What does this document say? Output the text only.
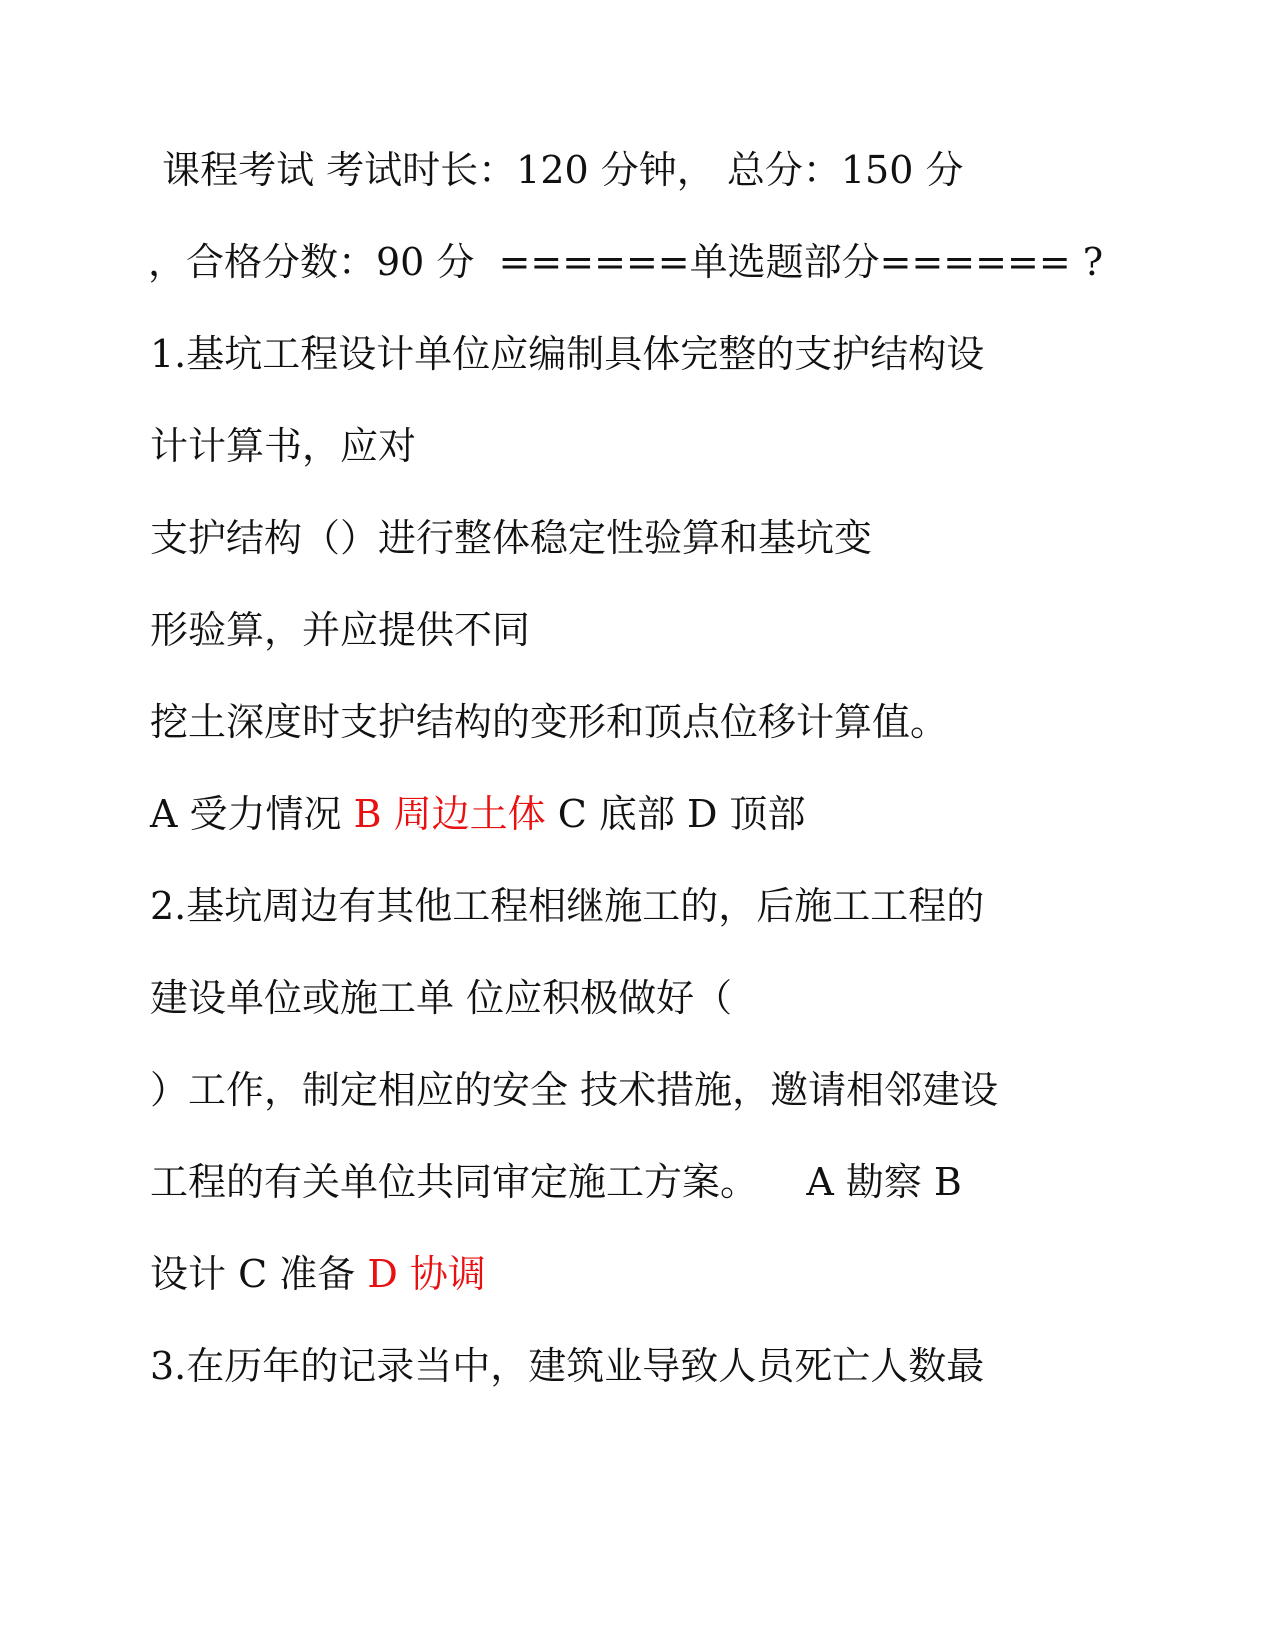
课程考试 考试时长：120 分钟， 总分：150 分
，合格分数：90 分  ======单选题部分====== ?
1.基坑工程设计单位应编制具体完整的支护结构设
计计算书，应对
支护结构（）进行整体稳定性验算和基坑变
形验算，并应提供不同
挖土深度时支护结构的变形和顶点位移计算值。
A 受力情况 B 周边土体 C 底部 D 顶部
2.基坑周边有其他工程相继施工的，后施工工程的
建设单位或施工单 位应积极做好（
）工作，制定相应的安全 技术措施，邀请相邻建设
工程的有关单位共同审定施工方案。    A 勘察 B
设计 C 准备 D 协调
3.在历年的记录当中，建筑业导致人员死亡人数最
